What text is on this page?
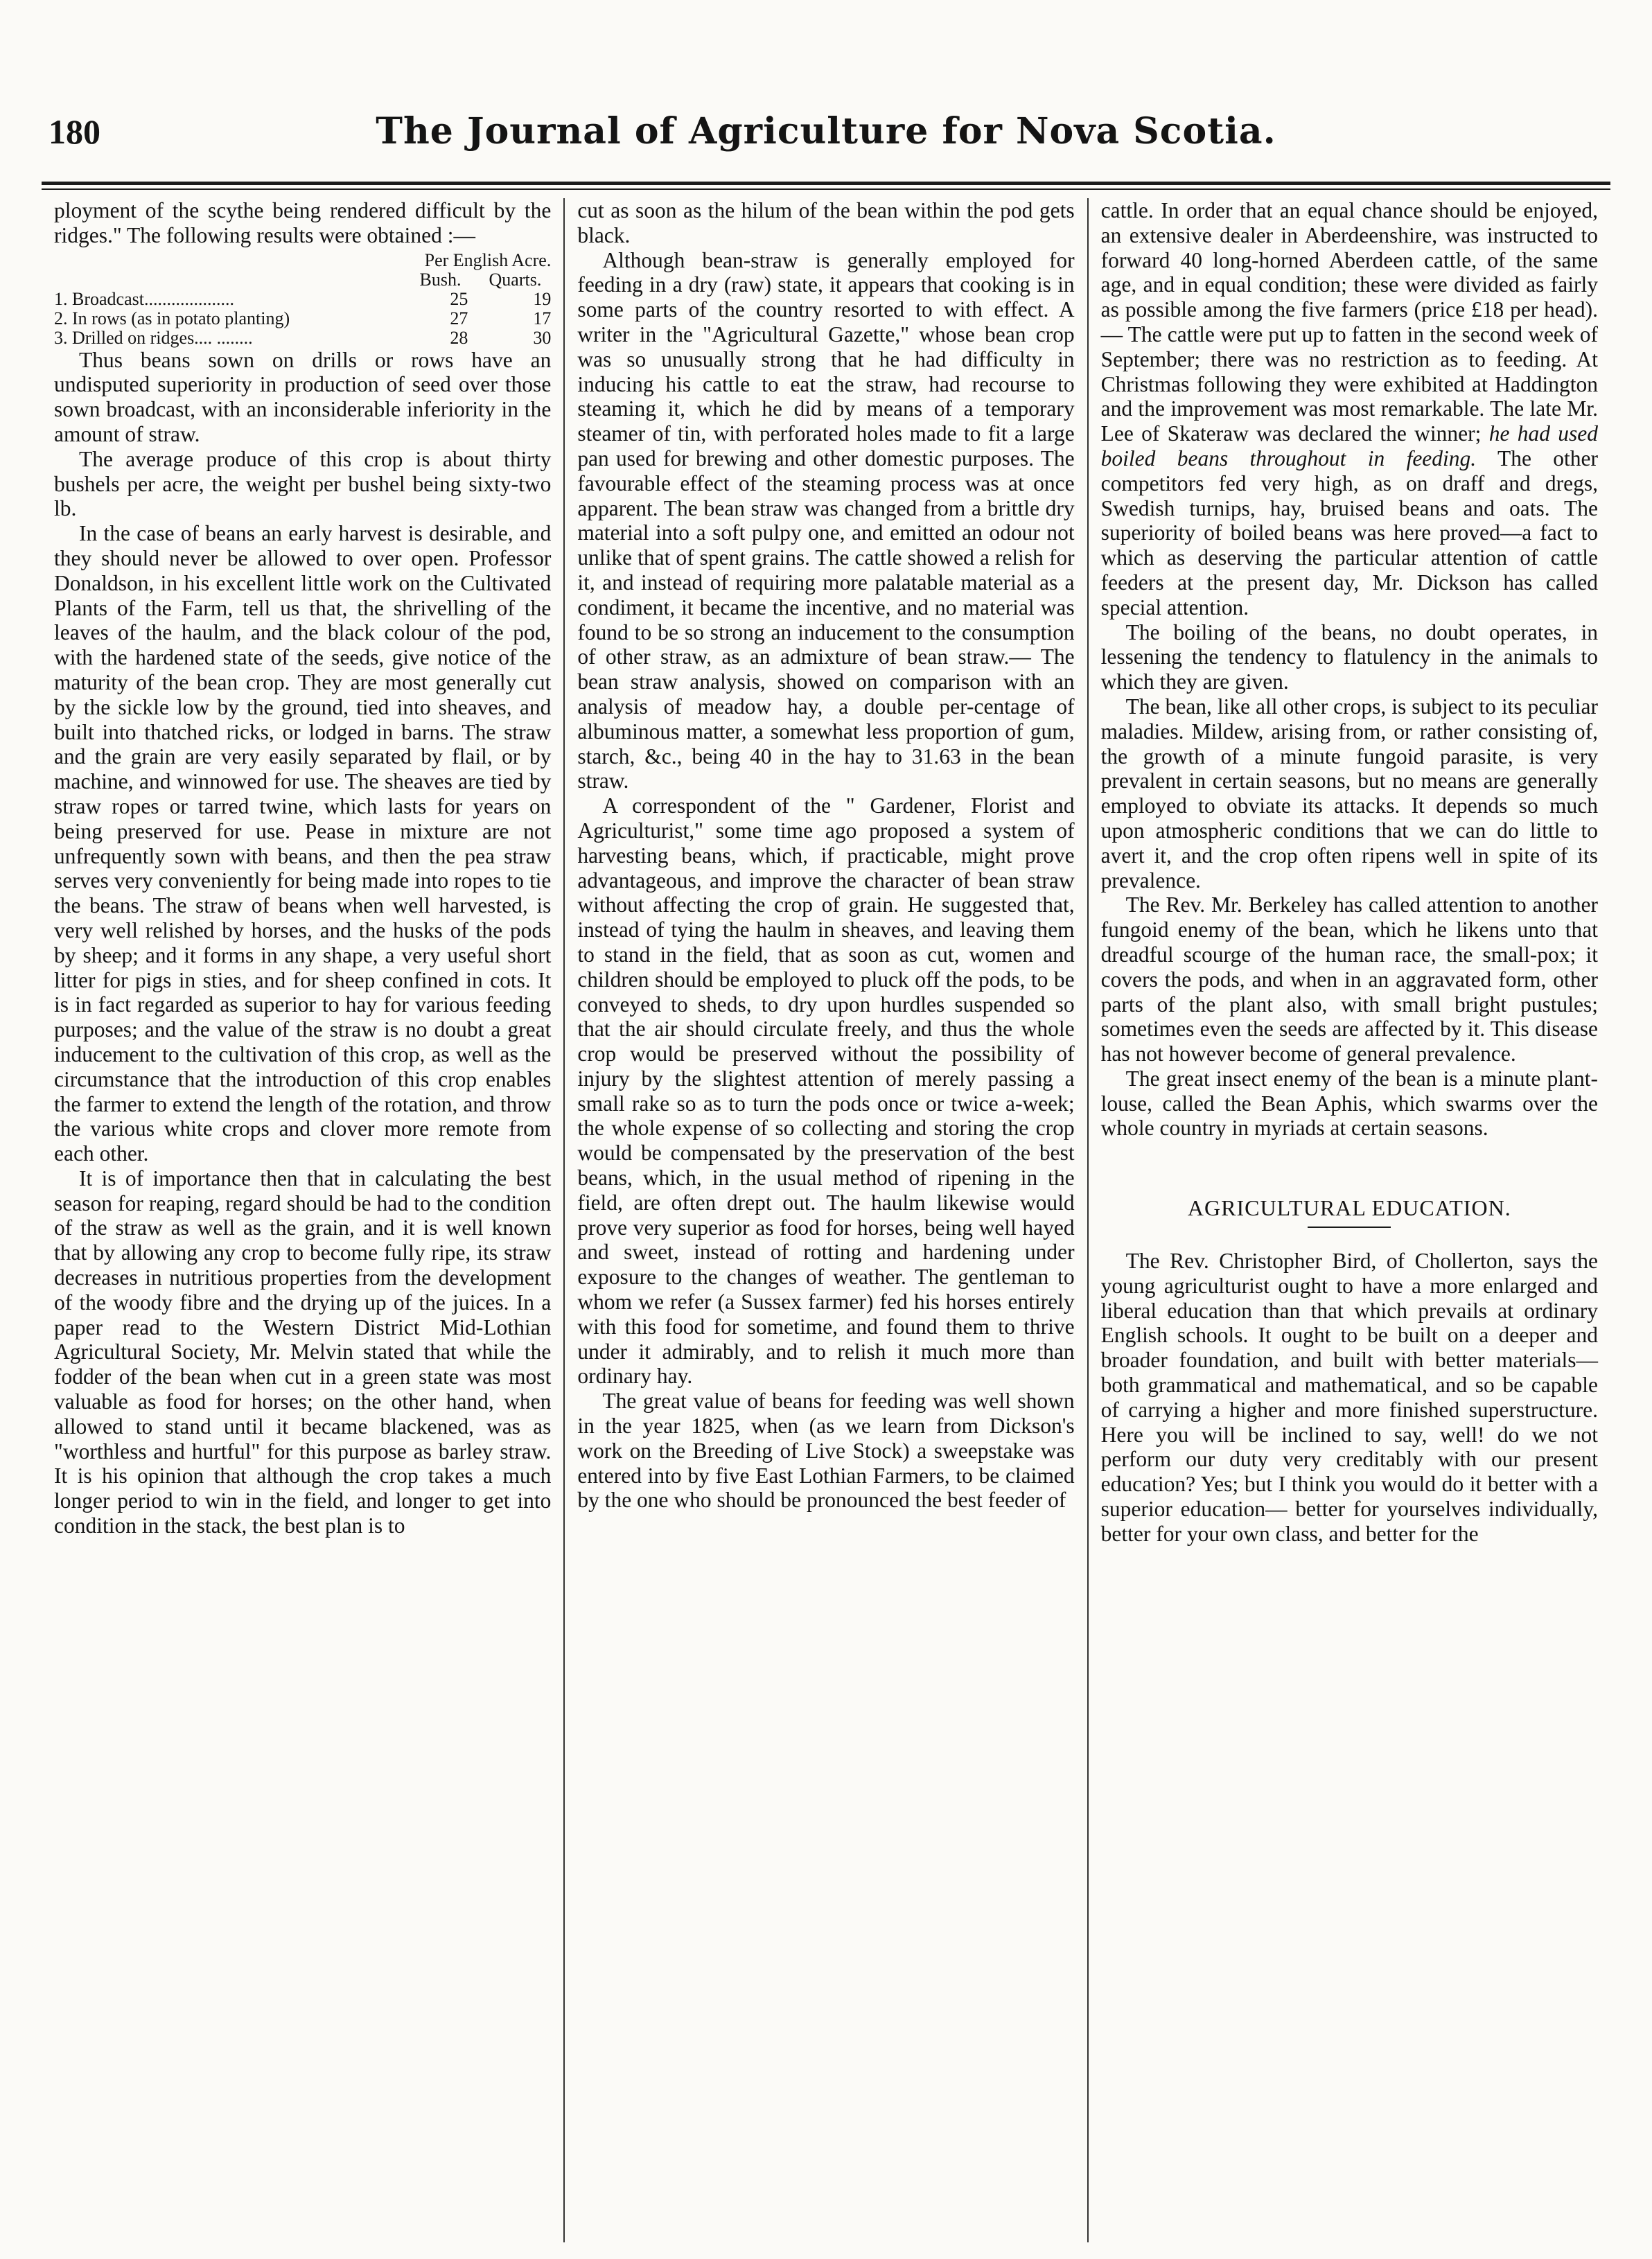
180	The Journal of Agriculture for Nova Scotia.

ployment of the scythe being rendered difficult by the ridges." The following results were obtained :—

Per English Acre.
Bush. Quarts.
1. Broadcast....................	25	19
2. In rows (as in potato planting)	27	17
3. Drilled on ridges.... ........	28	30

Thus beans sown on drills or rows have an undisputed superiority in production of seed over those sown broadcast, with an inconsiderable inferiority in the amount of straw.

The average produce of this crop is about thirty bushels per acre, the weight per bushel being sixty-two lb.

In the case of beans an early harvest is desirable, and they should never be allowed to over open. Professor Donaldson, in his excellent little work on the Cultivated Plants of the Farm, tell us that, the shrivelling of the leaves of the haulm, and the black colour of the pod, with the hardened state of the seeds, give notice of the maturity of the bean crop. They are most generally cut by the sickle low by the ground, tied into sheaves, and built into thatched ricks, or lodged in barns. The straw and the grain are very easily separated by flail, or by machine, and winnowed for use. The sheaves are tied by straw ropes or tarred twine, which lasts for years on being preserved for use. Pease in mixture are not unfrequently sown with beans, and then the pea straw serves very conveniently for being made into ropes to tie the beans. The straw of beans when well harvested, is very well relished by horses, and the husks of the pods by sheep; and it forms in any shape, a very useful short litter for pigs in sties, and for sheep confined in cots. It is in fact regarded as superior to hay for various feeding purposes; and the value of the straw is no doubt a great inducement to the cultivation of this crop, as well as the circumstance that the introduction of this crop enables the farmer to extend the length of the rotation, and throw the various white crops and clover more remote from each other.

It is of importance then that in calculating the best season for reaping, regard should be had to the condition of the straw as well as the grain, and it is well known that by allowing any crop to become fully ripe, its straw decreases in nutritious properties from the development of the woody fibre and the drying up of the juices. In a paper read to the Western District Mid-Lothian Agricultural Society, Mr. Melvin stated that while the fodder of the bean when cut in a green state was most valuable as food for horses; on the other hand, when allowed to stand until it became blackened, was as "worthless and hurtful" for this purpose as barley straw. It is his opinion that although the crop takes a much longer period to win in the field, and longer to get into condition in the stack, the best plan is to

cut as soon as the hilum of the bean within the pod gets black.

Although bean-straw is generally employed for feeding in a dry (raw) state, it appears that cooking is in some parts of the country resorted to with effect. A writer in the "Agricultural Gazette," whose bean crop was so unusually strong that he had difficulty in inducing his cattle to eat the straw, had recourse to steaming it, which he did by means of a temporary steamer of tin, with perforated holes made to fit a large pan used for brewing and other domestic purposes. The favourable effect of the steaming process was at once apparent. The bean straw was changed from a brittle dry material into a soft pulpy one, and emitted an odour not unlike that of spent grains. The cattle showed a relish for it, and instead of requiring more palatable material as a condiment, it became the incentive, and no material was found to be so strong an inducement to the consumption of other straw, as an admixture of bean straw.— The bean straw analysis, showed on comparison with an analysis of meadow hay, a double per-centage of albuminous matter, a somewhat less proportion of gum, starch, &c., being 40 in the hay to 31.63 in the bean straw.

A correspondent of the " Gardener, Florist and Agriculturist," some time ago proposed a system of harvesting beans, which, if practicable, might prove advantageous, and improve the character of bean straw without affecting the crop of grain. He suggested that, instead of tying the haulm in sheaves, and leaving them to stand in the field, that as soon as cut, women and children should be employed to pluck off the pods, to be conveyed to sheds, to dry upon hurdles suspended so that the air should circulate freely, and thus the whole crop would be preserved without the possibility of injury by the slightest attention of merely passing a small rake so as to turn the pods once or twice a-week; the whole expense of so collecting and storing the crop would be compensated by the preservation of the best beans, which, in the usual method of ripening in the field, are often drept out. The haulm likewise would prove very superior as food for horses, being well hayed and sweet, instead of rotting and hardening under exposure to the changes of weather. The gentleman to whom we refer (a Sussex farmer) fed his horses entirely with this food for sometime, and found them to thrive under it admirably, and to relish it much more than ordinary hay.

The great value of beans for feeding was well shown in the year 1825, when (as we learn from Dickson's work on the Breeding of Live Stock) a sweepstake was entered into by five East Lothian Farmers, to be claimed by the one who should be pronounced the best feeder of

cattle. In order that an equal chance should be enjoyed, an extensive dealer in Aberdeenshire, was instructed to forward 40 long-horned Aberdeen cattle, of the same age, and in equal condition; these were divided as fairly as possible among the five farmers (price £18 per head).— The cattle were put up to fatten in the second week of September; there was no restriction as to feeding. At Christmas following they were exhibited at Haddington and the improvement was most remarkable. The late Mr. Lee of Skateraw was declared the winner; he had used boiled beans throughout in feeding. The other competitors fed very high, as on draff and dregs, Swedish turnips, hay, bruised beans and oats. The superiority of boiled beans was here proved—a fact to which as deserving the particular attention of cattle feeders at the present day, Mr. Dickson has called special attention.

The boiling of the beans, no doubt operates, in lessening the tendency to flatulency in the animals to which they are given.

The bean, like all other crops, is subject to its peculiar maladies. Mildew, arising from, or rather consisting of, the growth of a minute fungoid parasite, is very prevalent in certain seasons, but no means are generally employed to obviate its attacks. It depends so much upon atmospheric conditions that we can do little to avert it, and the crop often ripens well in spite of its prevalence.

The Rev. Mr. Berkeley has called attention to another fungoid enemy of the bean, which he likens unto that dreadful scourge of the human race, the small-pox; it covers the pods, and when in an aggravated form, other parts of the plant also, with small bright pustules; sometimes even the seeds are affected by it. This disease has not however become of general prevalence.

The great insect enemy of the bean is a minute plant-louse, called the Bean Aphis, which swarms over the whole country in myriads at certain seasons.

AGRICULTURAL EDUCATION.

The Rev. Christopher Bird, of Chollerton, says the young agriculturist ought to have a more enlarged and liberal education than that which prevails at ordinary English schools. It ought to be built on a deeper and broader foundation, and built with better materials—both grammatical and mathematical, and so be capable of carrying a higher and more finished superstructure. Here you will be inclined to say, well! do we not perform our duty very creditably with our present education? Yes; but I think you would do it better with a superior education— better for yourselves individually, better for your own class, and better for the
